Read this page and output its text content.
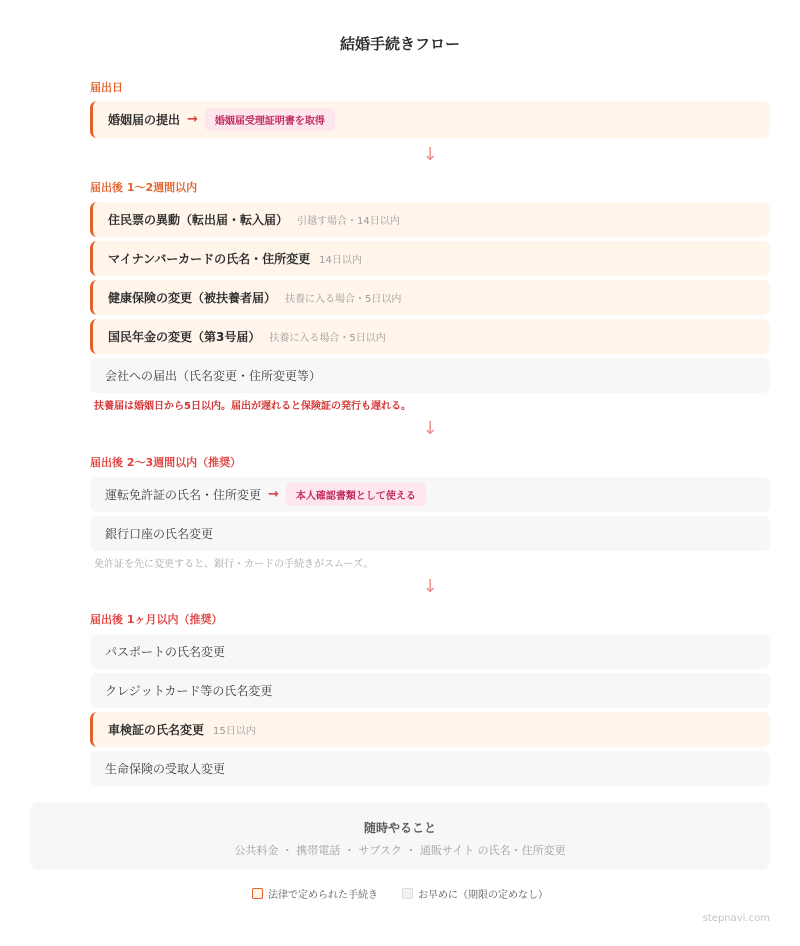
結婚手続きフロー
届出日
婚姻届の提出 →	婚姻届受理証明書を取得
↓
届出後 1〜2週間以内
住民票の異動（転出届・転入届） 引越す場合・14日以内
マイナンバーカードの氏名・住所変更 14日以内
健康保険の変更（被扶養者届） 扶養に入る場合・5日以内
国民年金の変更（第3号届） 扶養に入る場合・5日以内
会社への届出（氏名変更・住所変更等）
扶養届は婚姻日から5日以内。届出が遅れると保険証の発行も遅れる。
↓
届出後 2〜3週間以内（推奨）
運転免許証の氏名・住所変更 →	本人確認書類として使える
銀行口座の氏名変更
免許証を先に変更すると、銀行・カードの手続きがスムーズ。
↓
届出後 1ヶ月以内（推奨）
パスポートの氏名変更
クレジットカード等の氏名変更
車検証の氏名変更 15日以内
生命保険の受取人変更
随時やること
公共料金 ・ 携帯電話 ・ サブスク ・ 通販サイト の氏名・住所変更
法律で定められた手続き	お早めに（期限の定めなし）
stepnavi.com
